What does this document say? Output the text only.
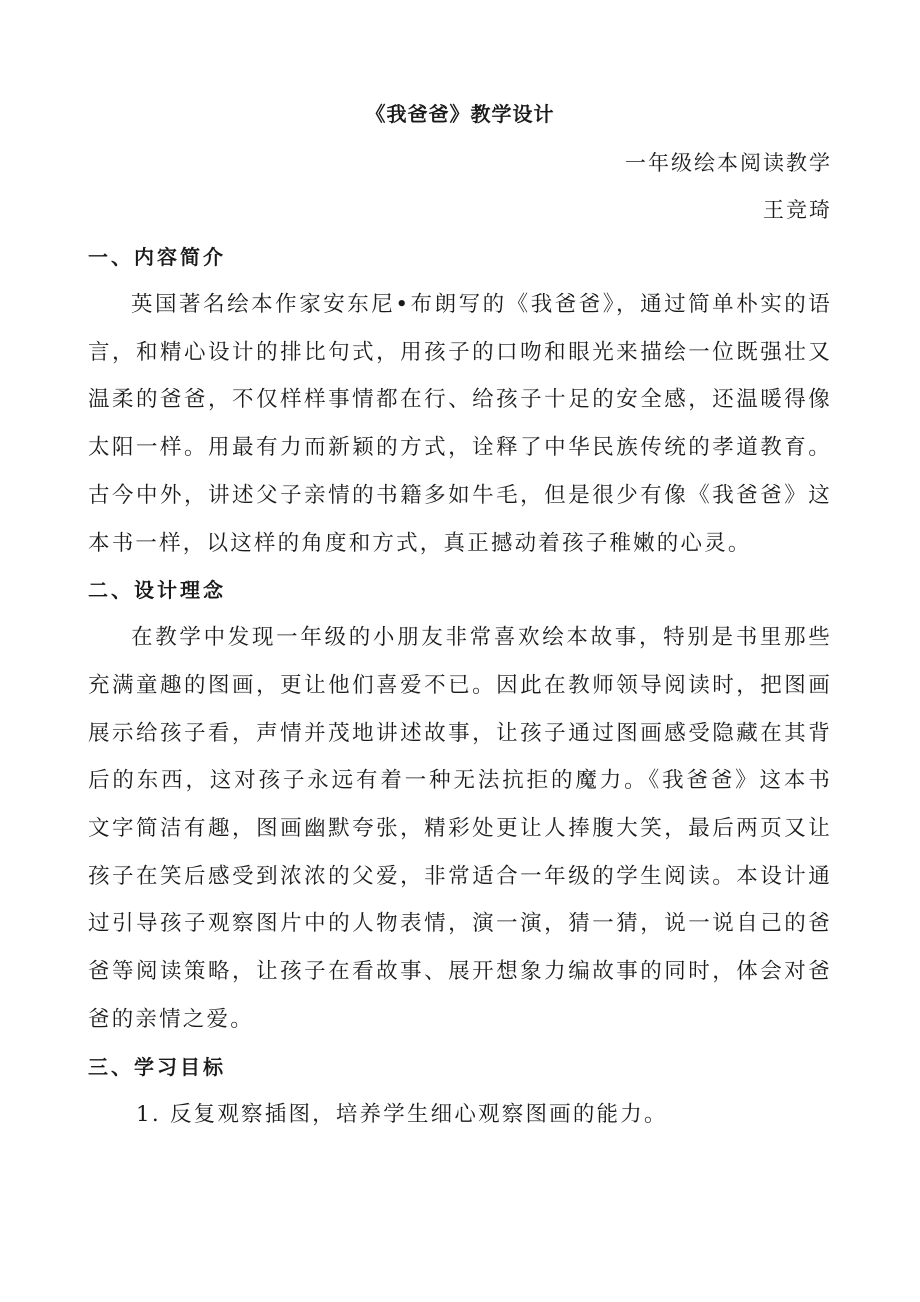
《我爸爸》教学设计

一年级绘本阅读教学

王竞琦

一、内容简介

英国著名绘本作家安东尼•布朗写的《我爸爸》，通过简单朴实的语言，和精心设计的排比句式，用孩子的口吻和眼光来描绘一位既强壮又温柔的爸爸，不仅样样事情都在行、给孩子十足的安全感，还温暖得像太阳一样。用最有力而新颖的方式，诠释了中华民族传统的孝道教育。古今中外，讲述父子亲情的书籍多如牛毛，但是很少有像《我爸爸》这本书一样，以这样的角度和方式，真正撼动着孩子稚嫩的心灵。

二、设计理念

在教学中发现一年级的小朋友非常喜欢绘本故事，特别是书里那些充满童趣的图画，更让他们喜爱不已。因此在教师领导阅读时，把图画展示给孩子看，声情并茂地讲述故事，让孩子通过图画感受隐藏在其背后的东西，这对孩子永远有着一种无法抗拒的魔力。《我爸爸》这本书文字简洁有趣，图画幽默夸张，精彩处更让人捧腹大笑，最后两页又让孩子在笑后感受到浓浓的父爱，非常适合一年级的学生阅读。本设计通过引导孩子观察图片中的人物表情，演一演，猜一猜，说一说自己的爸爸等阅读策略，让孩子在看故事、展开想象力编故事的同时，体会对爸爸的亲情之爱。

三、学习目标

1. 反复观察插图，培养学生细心观察图画的能力。
